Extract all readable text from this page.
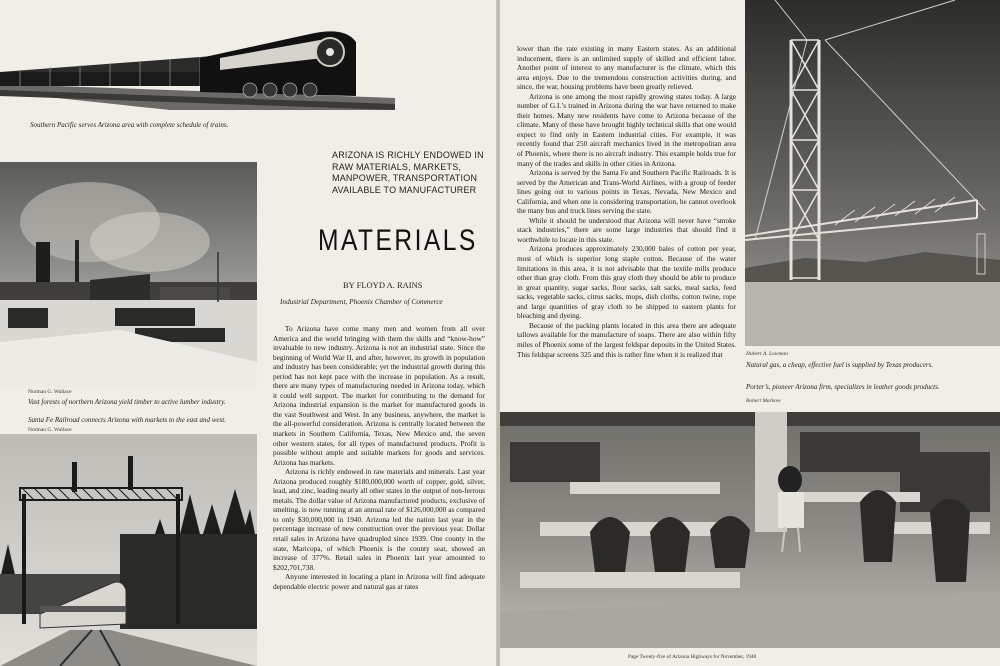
Southern Pacific serves Arizona area with complete schedule of trains.
Norman G. Wallace
Vast forests of northern Arizona yield timber to active lumber industry.
Santa Fe Railroad connects Arizona with markets to the east and west.
Norman G. Wallace
ARIZONA IS RICHLY ENDOWED IN RAW MATERIALS, MARKETS, MANPOWER, TRANSPORTATION AVAILABLE TO MANUFACTURER
MATERIALS
BY FLOYD A. RAINS
Industrial Department, Phoenix Chamber of Commerce

To Arizona have come many men and women from all over America and the world bringing with them the skills and “know-how” invaluable to new industry. Arizona is not an industrial state. Since the beginning of World War II, and after, however, its growth in population and industry has been considerable; yet the industrial growth during this period has not kept pace with the increase in population. As a result, there are many types of manufacturing needed in Arizona today, which it could well support. The market for contributing to the demand for Arizona industrial expansion is the market for manufactured goods in the vast Southwest and West. In any business, anywhere, the market is the all-powerful consideration. Arizona is centrally located between the markets in Southern California, Texas, New Mexico and, the seven other western states, for all types of manufactured products. Profit is possible without ample and suitable markets for goods and services. Arizona has markets.

Arizona is richly endowed in raw materials and minerals. Last year Arizona produced roughly $180,000,000 worth of copper, gold, silver, lead, and zinc, leading nearly all other states in the output of non-ferrous metals. The dollar value of Arizona manufactured products, exclusive of smelting, is now running at an annual rate of $126,000,000 as compared to only $30,000,000 in 1940. Arizona led the nation last year in the percentage increase of new construction over the previous year. Dollar retail sales in Arizona have quadrupled since 1939. One county in the state, Maricopa, of which Phoenix is the county seat, showed an increase of 377%. Retail sales in Phoenix last year amounted to $202,701,738.

Anyone interested in locating a plant in Arizona will find adequate dependable electric power and natural gas at rates

lower than the rate existing in many Eastern states. As an additional inducement, there is an unlimited supply of skilled and efficient labor. Another point of interest to any manufacturer is the climate, which this area enjoys. Due to the tremendous construction activities during, and since, the war, housing problems have been greatly relieved.

Arizona is one among the most rapidly growing states today. A large number of G.I.’s trained in Arizona during the war have returned to make their homes. Many new residents have come to Arizona because of the climate. Many of these have brought highly technical skills that one would expect to find only in Eastern industrial cities. For example, it was recently found that 250 aircraft mechanics lived in the metropolitan area of Phoenix, where there is no aircraft industry. This example holds true for many of the trades and skills in other cities in Arizona.

Arizona is served by the Santa Fe and Southern Pacific Railroads. It is served by the American and Trans-World Airlines, with a group of feeder lines going out to various points in Texas, Nevada, New Mexico and California, and when one is considering transportation, he cannot overlook the many bus and truck lines serving the state.

While it should be understood that Arizona will never have “smoke stack industries,” there are some large industries that should find it worthwhile to locate in this state.

Arizona produces approximately 230,000 bales of cotton per year, most of which is superior long staple cotton. Because of the water limitations in this area, it is not advisable that the textile mills produce other than gray cloth. From this gray cloth they should be able to produce in great quantity, sugar sacks, flour sacks, salt sacks, meal sacks, feed sacks, vegetable sacks, citrus sacks, mops, dish cloths, cotton twine, rope and large quantities of gray cloth to be shipped to eastern plants for bleaching and dyeing.

Because of the packing plants located in this area there are adequate tallows available for the manufacture of soaps. There are also within fifty miles of Phoenix some of the largest feldspar deposits in the United States. This feldspar screens 325 and this is rather fine when it is realized that	Hubert A. Lowman
Natural gas, a cheap, effective fuel is supplied by Texas producers.
Porter’s, pioneer Arizona firm, specializes in leather goods products.
Robert Markow
Page Twenty-five of Arizona Highways for November, 1948
